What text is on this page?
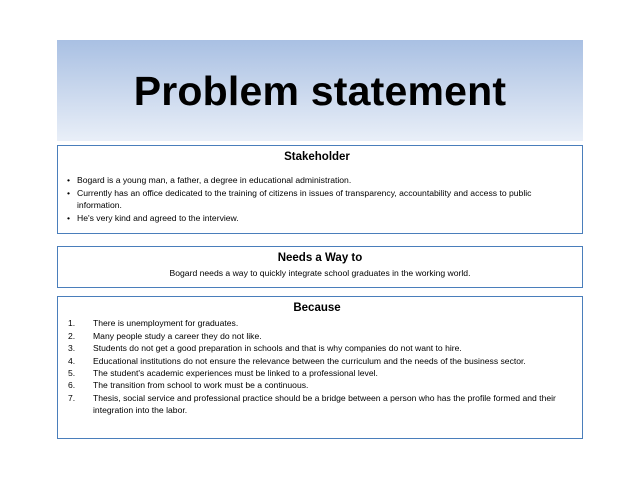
Problem statement
Stakeholder
• Bogard is a young man, a father, a degree in educational administration.
• Currently has an office dedicated to the training of citizens in issues of transparency, accountability and access to public information.
• He's very kind and agreed to the interview.
Needs a Way to
Bogard needs a way to quickly integrate school graduates in the working world.
Because
1. There is unemployment for graduates.
2. Many people study a career they do not like.
3. Students do not get a good preparation in schools and that is why companies do not want to hire.
4. Educational institutions do not ensure the relevance between the curriculum and the needs of the business sector.
5. The student's academic experiences must be linked to a professional level.
6. The transition from school to work must be a continuous.
7. Thesis, social service and professional practice should be a bridge between a person who has the profile formed and their integration into the labor.
